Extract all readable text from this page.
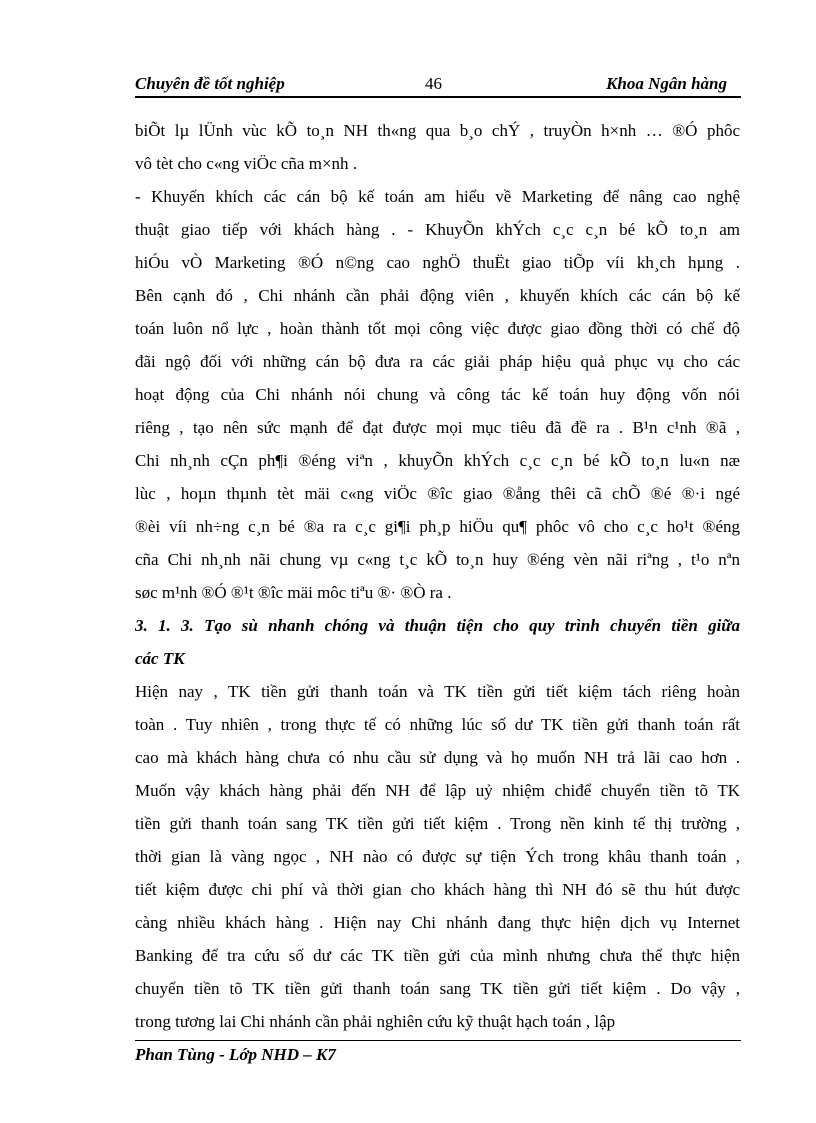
Chuyên đề tốt nghiệp	46	Khoa Ngân hàng
biÕt lµ lÜnh vùc kÕ to¸n NH th«ng qua b¸o chÝ , truyÒn h×nh … ®Ó phôc
vô tèt cho c«ng viÖc cña m×nh .
- Khuyến khích các cán bộ kế toán am hiểu về Marketing để nâng cao nghệ
thuật giao tiếp với khách hàng . - KhuyÕn khÝch c¸c c¸n bé kÕ to¸n am
hiÓu vÒ Marketing ®Ó n©ng cao nghÖ thuËt giao tiÕp víi kh¸ch hµng .
Bên cạnh đó , Chi nhánh cần phải động viên , khuyến khích các cán bộ kế
toán luôn nổ lực , hoàn thành tốt mọi công việc được giao đồng thời có chế độ
đãi ngộ đối với những cán bộ đưa ra các giải pháp hiệu quả phục vụ cho các
hoạt động của Chi nhánh nói chung và công tác kế toán huy động vốn nói
riêng , tạo nên sức mạnh để đạt được mọi mục tiêu đã đề ra . B¹n c¹nh ®ã ,
Chi nh¸nh cÇn ph¶i ®éng viªn , khuyÕn khÝch c¸c c¸n bé kÕ to¸n lu«n næ
lùc , hoµn thµnh tèt mäi c«ng viÖc ®îc giao ®ång thêi cã chÕ ®é ®·i ngé
®èi víi nh÷ng c¸n bé ®a ra c¸c gi¶i ph¸p hiÖu qu¶ phôc vô cho c¸c ho¹t ®éng
cña Chi nh¸nh nãi chung vµ c«ng t¸c kÕ to¸n huy ®éng vèn nãi riªng , t¹o nªn
søc m¹nh ®Ó ®¹t ®îc mäi môc tiªu ®· ®Ò ra .
3. 1. 3. Tạo sù nhanh chóng và thuận tiện cho quy trình chuyển tiền giữa
các TK
Hiện nay , TK tiền gửi thanh toán và TK tiền gửi tiết kiệm tách riêng hoàn
toàn . Tuy nhiên , trong thực tế có những lúc số dư TK tiền gửi thanh toán rất
cao mà khách hàng chưa có nhu cầu sử dụng và họ muốn NH trả lãi cao hơn .
Muốn vậy khách hàng phải đến NH để lập uỷ nhiệm chiđể chuyển tiền tõ TK
tiền gửi thanh toán sang TK tiền gửi tiết kiệm . Trong nền kinh tế thị trường ,
thời gian là vàng ngọc , NH nào có được sự tiện Ých trong khâu thanh toán ,
tiết kiệm được chi phí và thời gian cho khách hàng thì NH đó sẽ thu hút được
càng nhiều khách hàng . Hiện nay Chi nhánh đang thực hiện dịch vụ Internet
Banking để tra cứu số dư các TK tiền gửi của mình nhưng chưa thể thực hiện
chuyển tiền tõ TK tiền gửi thanh toán sang TK tiền gửi tiết kiệm . Do vậy ,
trong tương lai Chi nhánh cần phải nghiên cứu kỹ thuật hạch toán , lập
Phan Tùng - Lớp NHD – K7
